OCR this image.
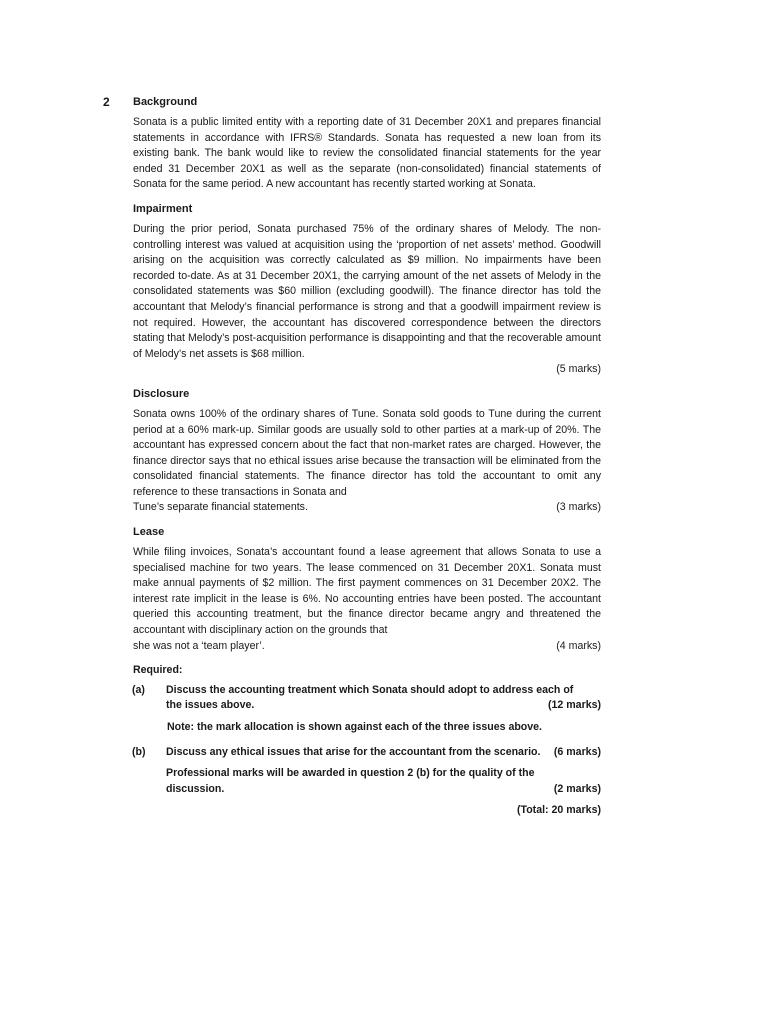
2 Background

Sonata is a public limited entity with a reporting date of 31 December 20X1 and prepares financial statements in accordance with IFRS® Standards. Sonata has requested a new loan from its existing bank. The bank would like to review the consolidated financial statements for the year ended 31 December 20X1 as well as the separate (non-consolidated) financial statements of Sonata for the same period. A new accountant has recently started working at Sonata.

Impairment

During the prior period, Sonata purchased 75% of the ordinary shares of Melody. The non-controlling interest was valued at acquisition using the ‘proportion of net assets’ method. Goodwill arising on the acquisition was correctly calculated as $9 million. No impairments have been recorded to-date. As at 31 December 20X1, the carrying amount of the net assets of Melody in the consolidated statements was $60 million (excluding goodwill). The finance director has told the accountant that Melody’s financial performance is strong and that a goodwill impairment review is not required. However, the accountant has discovered correspondence between the directors stating that Melody’s post-acquisition performance is disappointing and that the recoverable amount of Melody’s net assets is $68 million.

(5 marks)

Disclosure

Sonata owns 100% of the ordinary shares of Tune. Sonata sold goods to Tune during the current period at a 60% mark-up. Similar goods are usually sold to other parties at a mark-up of 20%. The accountant has expressed concern about the fact that non-market rates are charged. However, the finance director says that no ethical issues arise because the transaction will be eliminated from the consolidated financial statements. The finance director has told the accountant to omit any reference to these transactions in Sonata and

Tune’s separate financial statements.	(3 marks)
Lease

While filing invoices, Sonata’s accountant found a lease agreement that allows Sonata to use a specialised machine for two years. The lease commenced on 31 December 20X1. Sonata must make annual payments of $2 million. The first payment commences on 31 December 20X2. The interest rate implicit in the lease is 6%. No accounting entries have been posted. The accountant queried this accounting treatment, but the finance director became angry and threatened the accountant with disciplinary action on the grounds that

she was not a ‘team player’.	(4 marks)
Required:
(a)	Discuss the accounting treatment which Sonata should adopt to address each of
the issues above.	(12 marks)
Note: the mark allocation is shown against each of the three issues above.
(b)	Discuss any ethical issues that arise for the accountant from the scenario. (6 marks)
Professional marks will be awarded in question 2 (b) for the quality of the
discussion.	(2 marks)
(Total: 20 marks)
